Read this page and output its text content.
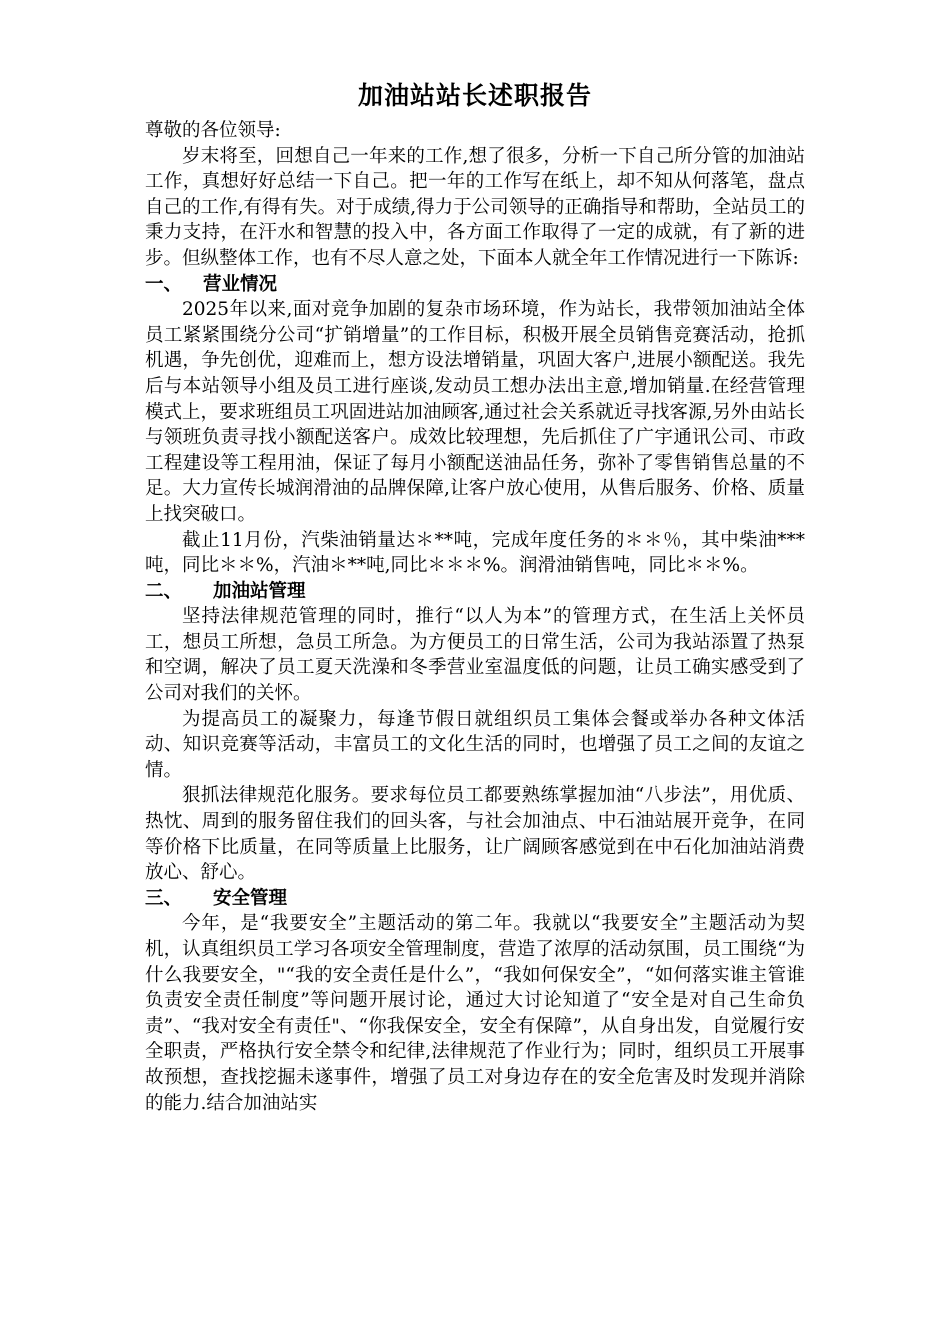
加油站站长述职报告

尊敬的各位领导:

岁末将至，回想自己一年来的工作,想了很多，分析一下自己所分管的加油站工作，真想好好总结一下自己。把一年的工作写在纸上，却不知从何落笔，盘点自己的工作,有得有失。对于成绩,得力于公司领导的正确指导和帮助，全站员工的秉力支持，在汗水和智慧的投入中，各方面工作取得了一定的成就，有了新的进步。但纵整体工作，也有不尽人意之处，下面本人就全年工作情况进行一下陈诉:

一、 营业情况

2025年以来,面对竞争加剧的复杂市场环境，作为站长，我带领加油站全体员工紧紧围绕分公司“扩销增量”的工作目标，积极开展全员销售竞赛活动，抢抓机遇，争先创优，迎难而上，想方设法增销量，巩固大客户,进展小额配送。我先后与本站领导小组及员工进行座谈,发动员工想办法出主意,增加销量.在经营管理模式上，要求班组员工巩固进站加油顾客,通过社会关系就近寻找客源,另外由站长与领班负责寻找小额配送客户。成效比较理想，先后抓住了广宇通讯公司、市政工程建设等工程用油，保证了每月小额配送油品任务，弥补了零售销售总量的不足。大力宣传长城润滑油的品牌保障,让客户放心使用，从售后服务、价格、质量上找突破口。

截止11月份，汽柴油销量达＊**吨，完成年度任务的＊＊％，其中柴油***吨，同比＊＊%，汽油＊**吨,同比＊＊＊%。润滑油销售吨，同比＊＊%。

二、 加油站管理

坚持法律规范管理的同时，推行“以人为本”的管理方式，在生活上关怀员工，想员工所想，急员工所急。为方便员工的日常生活，公司为我站添置了热泵和空调，解决了员工夏天洗澡和冬季营业室温度低的问题，让员工确实感受到了公司对我们的关怀。

为提高员工的凝聚力，每逢节假日就组织员工集体会餐或举办各种文体活动、知识竞赛等活动，丰富员工的文化生活的同时，也增强了员工之间的友谊之情。

狠抓法律规范化服务。要求每位员工都要熟练掌握加油“八步法”，用优质、热忱、周到的服务留住我们的回头客，与社会加油点、中石油站展开竞争，在同等价格下比质量，在同等质量上比服务，让广阔顾客感觉到在中石化加油站消费放心、舒心。

三、 安全管理

今年，是“我要安全”主题活动的第二年。我就以“我要安全”主题活动为契机，认真组织员工学习各项安全管理制度，营造了浓厚的活动氛围，员工围绕“为什么我要安全，"“我的安全责任是什么”，“我如何保安全”，“如何落实谁主管谁负责安全责任制度”等问题开展讨论，通过大讨论知道了“安全是对自己生命负责”、“我对安全有责任"、“你我保安全，安全有保障”，从自身出发，自觉履行安全职责，严格执行安全禁令和纪律,法律规范了作业行为；同时，组织员工开展事故预想，查找挖掘未遂事件，增强了员工对身边存在的安全危害及时发现并消除的能力.结合加油站实
